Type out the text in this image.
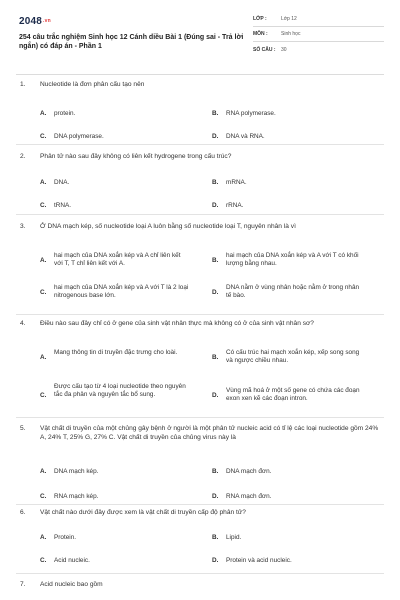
2048.vn
254 câu trắc nghiệm Sinh học 12 Cánh diều Bài 1 (Đúng sai - Trả lời ngắn) có đáp án - Phần 1
LỚP :	Lớp 12
MÔN :	Sinh học
SỐ CÂU :	30
1.	Nucleotide là đơn phân cấu tạo nên
A.	protein.	B.	RNA polymerase.
C.	DNA polymerase.	D.	DNA và RNA.
2.	Phân tử nào sau đây không có liên kết hydrogene trong cấu trúc?
A.	DNA.	B.	mRNA.
C.	tRNA.	D.	rRNA.
3.	Ở DNA mạch kép, số nucleotide loại A luôn bằng số nucleotide loại T, nguyên nhân là vì
A.
hai mạch của DNA xoắn kép và A chỉ liên kết với T, T chỉ liên kết với A.
B.
hai mạch của DNA xoắn kép và A với T có khối lượng bằng nhau.
C.
hai mạch của DNA xoắn kép và A với T là 2 loại nitrogenous base lớn.
D.
DNA nằm ở vùng nhân hoặc nằm ở trong nhân tế bào.
4.	Điều nào sau đây chỉ có ở gene của sinh vật nhân thực mà không có ở của sinh vật nhân sơ?
A.
Mang thông tin di truyền đặc trưng cho loài.
B.
Có cấu trúc hai mạch xoắn kép, xếp song song và ngược chiều nhau.
C.
Được cấu tạo từ 4 loại nucleotide theo nguyên tắc đa phân và nguyên tắc bổ sung.	D.
Vùng mã hoá ở một số gene có chứa các đoạn exon xen kẽ các đoạn intron.
5.	Vật chất di truyền của một chủng gây bệnh ở người là một phân tử nucleic acid có tỉ lệ các loại nucleotide gồm 24% A, 24% T, 25% G, 27% C. Vật chất di truyền của chủng virus này là
A.	DNA mạch kép.	B.	DNA mạch đơn.
C.	RNA mạch kép.	D.	RNA mạch đơn.
6.	Vật chất nào dưới đây được xem là vật chất di truyền cấp độ phân tử?
A.	Protein.	B.	Lipid.
C.	Acid nucleic.	D.	Protein và acid nucleic.
7.	Acid nucleic bao gồm
